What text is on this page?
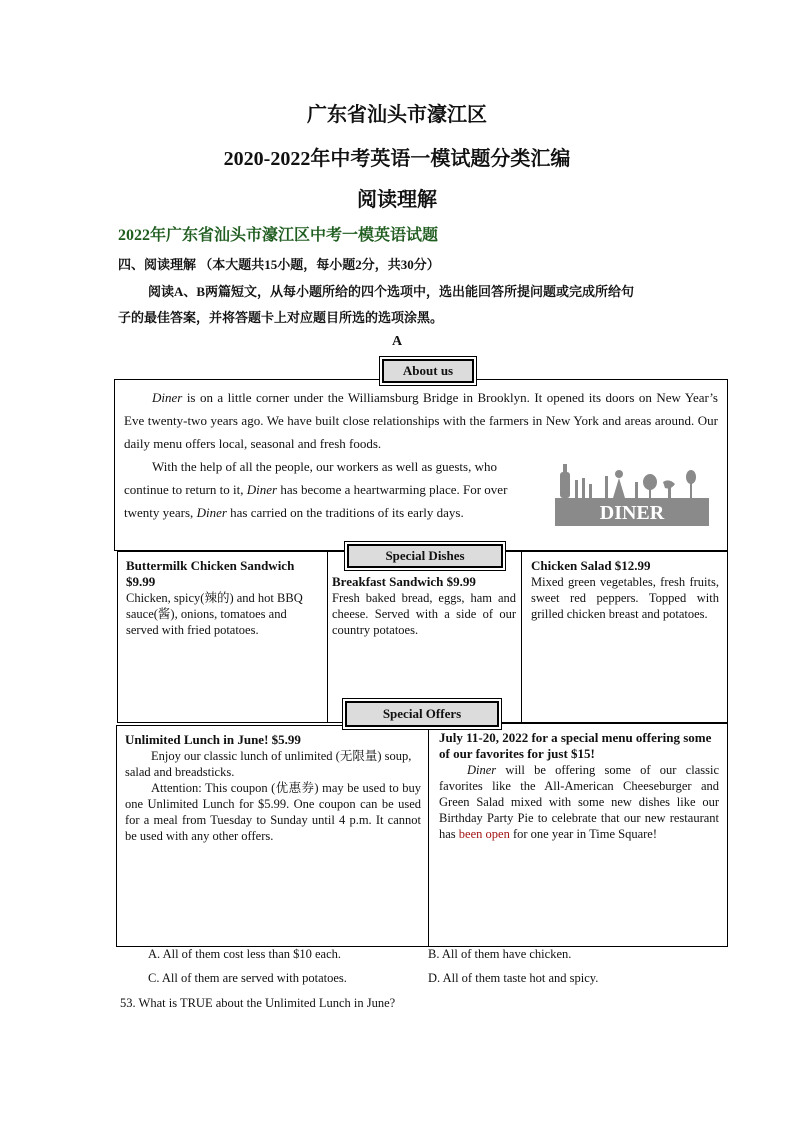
广东省汕头市濠江区
2020-2022年中考英语一模试题分类汇编
阅读理解
2022年广东省汕头市濠江区中考一模英语试题
四、阅读理解 （本大题共15小题，每小题2分，共30分）
阅读A、B两篇短文，从每小题所给的四个选项中，选出能回答所提问题或完成所给句
子的最佳答案，并将答题卡上对应题目所选的选项涂黑。
A
Diner is on a little corner under the Williamsburg Bridge in Brooklyn. It opened its doors on New Year’s Eve twenty-two years ago. We have built close relationships with the farmers in New York and areas around. Our daily menu offers local, seasonal and fresh foods.
With the help of all the people, our workers as well as guests, who continue to return to it, Diner has become a heartwarming place. For over twenty years, Diner has carried on the traditions of its early days.	DINER
About us
Buttermilk Chicken Sandwich $9.99
Chicken, spicy(辣的) and hot BBQ sauce(酱), onions, tomatoes and served with fried potatoes.
Breakfast Sandwich $9.99
Fresh baked bread, eggs, ham and cheese. Served with a side of our country potatoes.
Chicken Salad $12.99
Mixed green vegetables, fresh fruits, sweet red peppers. Topped with grilled chicken breast and potatoes.
Special Dishes
Unlimited Lunch in June! $5.99
Enjoy our classic lunch of unlimited (无限量) soup, salad and breadsticks.
Attention: This coupon (优惠券) may be used to buy one Unlimited Lunch for $5.99. One coupon can be used for a meal from Tuesday to Sunday until 4 p.m. It cannot be used with any other offers.
July 11-20, 2022 for a special menu offering some of our favorites for just $15!
Diner will be offering some of our classic favorites like the All-American Cheeseburger and Green Salad mixed with some new dishes like our Birthday Party Pie to celebrate that our new restaurant has been open for one year in Time Square!
Special Offers
A. All of them cost less than $10 each.	B. All of them have chicken.
C. All of them are served with potatoes.	D. All of them taste hot and spicy.
53. What is TRUE about the Unlimited Lunch in June?
